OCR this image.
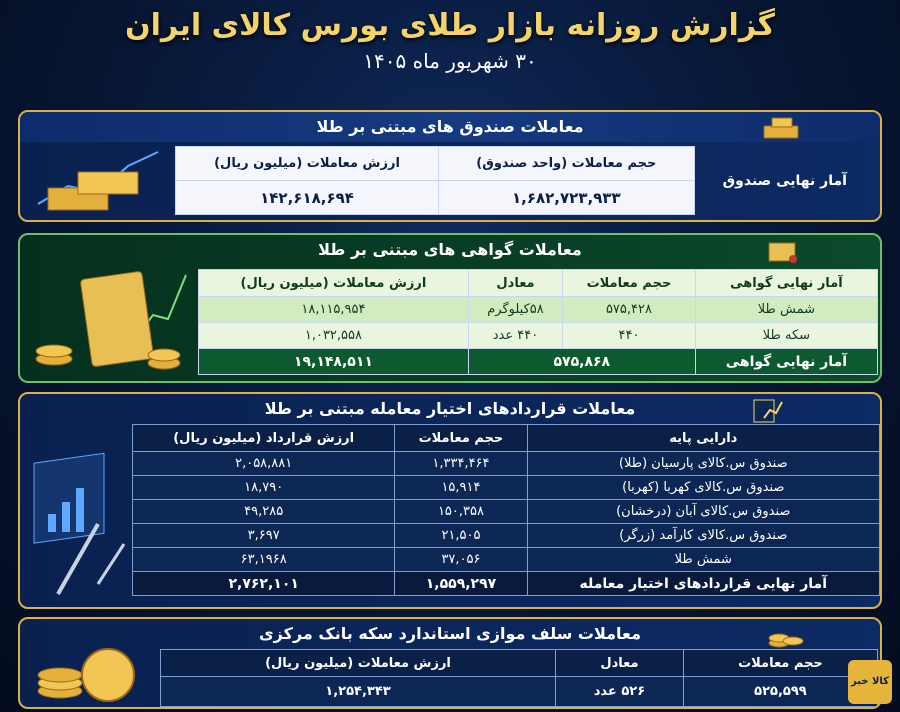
گزارش روزانه بازار طلای بورس کالای ایران
۳۰ شهریور ماه ۱۴۰۵
معاملات صندوق های مبتنی بر طلا
آمار نهایی صندوق	حجم معاملات (واحد صندوق)	ارزش معاملات (میلیون ریال)
	۱,۶۸۲,۷۲۳,۹۳۳	۱۴۲,۶۱۸,۶۹۴
معاملات گواهی های مبتنی بر طلا
آمار نهایی گواهی	حجم معاملات	معادل	ارزش معاملات (میلیون ریال)
شمش طلا	۵۷۵,۴۲۸	۵۸کیلوگرم	۱۸,۱۱۵,۹۵۴
سکه طلا	۴۴۰	۴۴۰ عدد	۱,۰۳۲,۵۵۸
آمار نهایی گواهی	۵۷۵,۸۶۸		۱۹,۱۴۸,۵۱۱
معاملات قراردادهای اختیار معامله مبتنی بر طلا
دارایی پایه	حجم معاملات	ارزش قرارداد (میلیون ریال)
صندوق س.کالای پارسیان (طلا)	۱,۳۳۴,۴۶۴	۲,۰۵۸,۸۸۱
صندوق س.کالای کهربا (کهربا)	۱۵,۹۱۴	۱۸,۷۹۰
صندوق س.کالای آبان (درخشان)	۱۵۰,۳۵۸	۴۹,۲۸۵
صندوق س.کالای کارآمد (زرگر)	۲۱,۵۰۵	۳,۶۹۷
شمش طلا	۳۷,۰۵۶	۶۳,۱۹۶۸
آمار نهایی قراردادهای اختیار معامله	۱,۵۵۹,۲۹۷	۲,۷۶۲,۱۰۱
معاملات سلف موازی استاندارد سکه بانک مرکزی
حجم معاملات	معادل	ارزش معاملات (میلیون ریال)
۵۲۵,۵۹۹	۵۲۶ عدد	۱,۲۵۴,۳۴۳
کالا خبر
